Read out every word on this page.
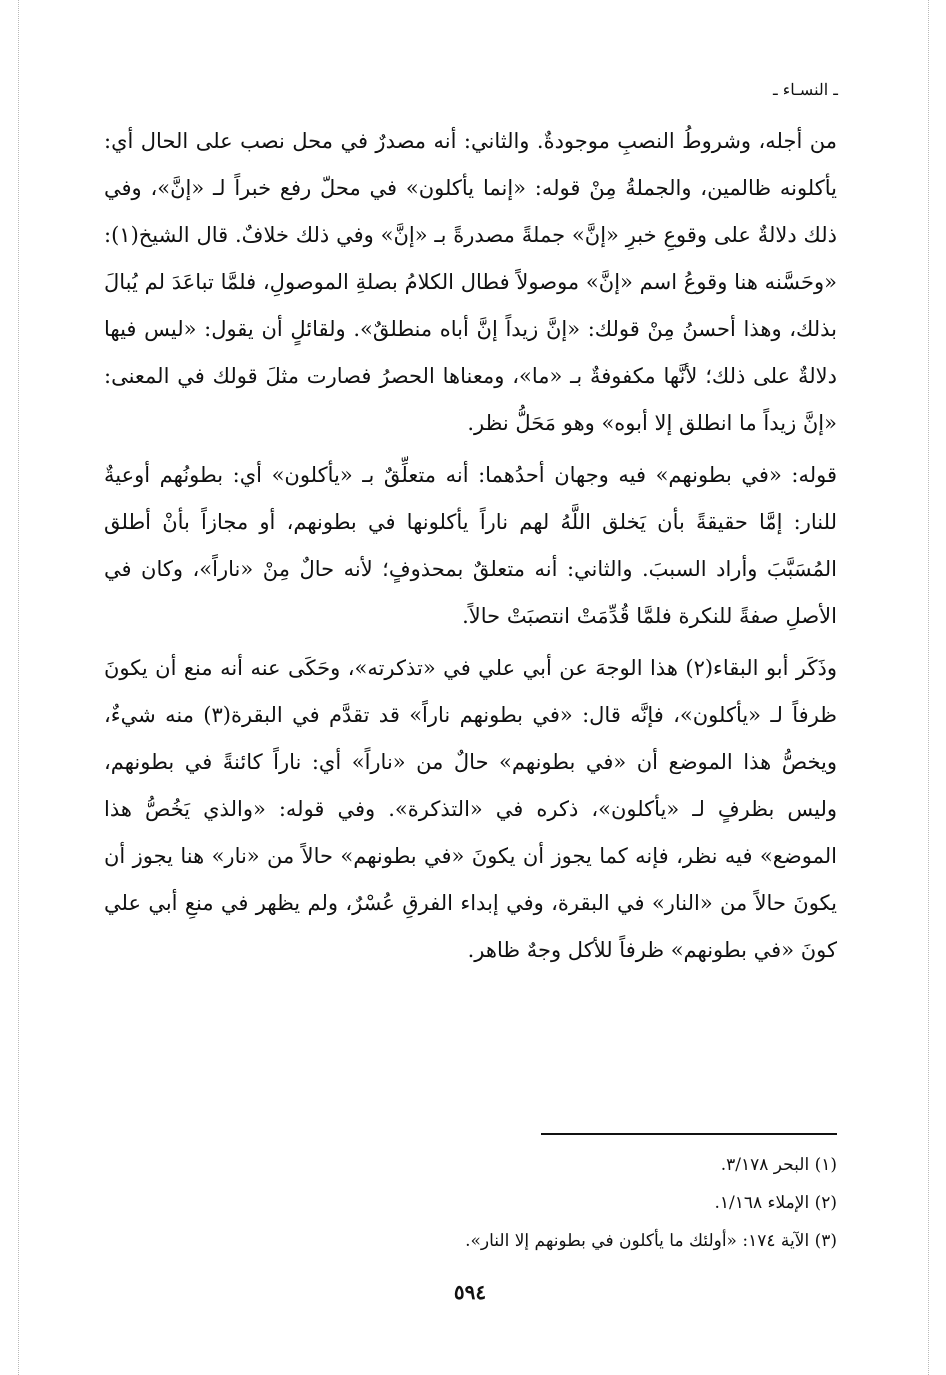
ـ النسـاء ـ

من أجله، وشروطُ النصبِ موجودةٌ. والثاني: أنه مصدرٌ في محل نصب على الحال أي: يأكلونه ظالمين، والجملةُ مِنْ قوله: «إنما يأكلون» في محلّ رفع خبراً لـ «إنَّ»، وفي ذلك دلالةٌ على وقوعِ خبرِ «إنَّ» جملةً مصدرةً بـ «إنَّ» وفي ذلك خلافٌ. قال الشيخ(١): «وحَسَّنه هنا وقوعُ اسم «إنَّ» موصولاً فطال الكلامُ بصلةِ الموصولِ، فلمَّا تباعَدَ لم يُبالَ بذلك، وهذا أحسنُ مِنْ قولك: «إنَّ زيداً إنَّ أباه منطلقٌ». ولقائلٍ أن يقول: «ليس فيها دلالةٌ على ذلك؛ لأنَّها مكفوفةٌ بـ «ما»، ومعناها الحصرُ فصارت مثلَ قولك في المعنى: «إنَّ زيداً ما انطلق إلا أبوه» وهو مَحَلُّ نظر.

قوله: «في بطونهم» فيه وجهان أحدُهما: أنه متعلِّقٌ بـ «يأكلون» أي: بطونُهم أوعيةٌ للنار: إمَّا حقيقةً بأن يَخلق اللَّهُ لهم ناراً يأكلونها في بطونهم، أو مجازاً بأنْ أطلق المُسَبَّبَ وأراد السببَ. والثاني: أنه متعلقٌ بمحذوفٍ؛ لأنه حالٌ مِنْ «ناراً»، وكان في الأصلِ صفةً للنكرة فلمَّا قُدِّمَتْ انتصبَتْ حالاً.

وذَكَر أبو البقاء(٢) هذا الوجهَ عن أبي علي في «تذكرته»، وحَكَى عنه أنه منع أن يكونَ ظرفاً لـ «يأكلون»، فإنَّه قال: «في بطونهم ناراً» قد تقدَّم في البقرة(٣) منه شيءٌ، ويخصُّ هذا الموضع أن «في بطونهم» حالٌ من «ناراً» أي: ناراً كائنةً في بطونهم، وليس بظرفٍ لـ «يأكلون»، ذكره في «التذكرة». وفي قوله: «والذي يَخُصُّ هذا الموضع» فيه نظر، فإنه كما يجوز أن يكونَ «في بطونهم» حالاً من «نار» هنا يجوز أن يكونَ حالاً من «النار» في البقرة، وفي إبداء الفرقِ عُسْرٌ، ولم يظهر في منعِ أبي علي كونَ «في بطونهم» ظرفاً للأكل وجهٌ ظاهر.

(١) البحر ٣/١٧٨.
(٢) الإملاء ١/١٦٨.
(٣) الآية ١٧٤: «أولئك ما يأكلون في بطونهم إلا النار».
٥٩٤
